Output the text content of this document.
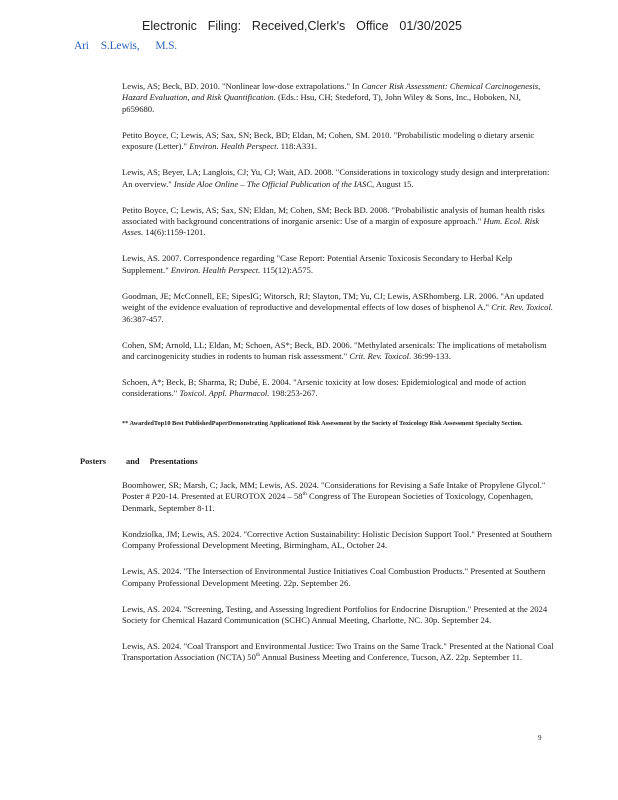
Electronic Filing: Received,Clerk's Office 01/30/2025
Ari S.Lewis, M.S.

Lewis, AS; Beck, BD. 2010. "Nonlinear low-dose extrapolations." In Cancer Risk Assessment: Chemical Carcinogenesis, Hazard Evaluation, and Risk Quantification. (Eds.: Hsu, CH; Stedeford, T), John Wiley & Sons, Inc., Hoboken, NJ, p659680.

Petito Boyce, C; Lewis, AS; Sax, SN; Beck, BD; Eldan, M; Cohen, SM. 2010. "Probabilistic modeling o dietary arsenic exposure (Letter)." Environ. Health Perspect. 118:A331.

Lewis, AS; Beyer, LA; Langlois, CJ; Yu, CJ; Wait, AD. 2008. "Considerations in toxicology study design and interpretation: An overview." Inside Aloe Online – The Official Publication of the IASC, August 15.

Petito Boyce, C; Lewis, AS; Sax, SN; Eldan, M; Cohen, SM; Beck BD. 2008. "Probabilistic analysis of human health risks associated with background concentrations of inorganic arsenic: Use of a margin of exposure approach." Hum. Ecol. Risk Asses. 14(6):1159-1201.

Lewis, AS. 2007. Correspondence regarding "Case Report: Potential Arsenic Toxicosis Secondary to Herbal Kelp Supplement." Environ. Health Perspect. 115(12):A575.

Goodman, JE; McConnell, EE; SipesIG; Witorsch, RJ; Slayton, TM; Yu, CJ; Lewis, ASRhomberg. LR. 2006. "An updated weight of the evidence evaluation of reproductive and developmental effects of low doses of bisphenol A." Crit. Rev. Toxicol. 36:387-457.

Cohen, SM; Arnold, LL; Eldan, M; Schoen, AS*; Beck, BD. 2006. "Methylated arsenicals: The implications of metabolism and carcinogenicity studies in rodents to human risk assessment." Crit. Rev. Toxicol. 36:99-133.

Schoen, A*; Beck, B; Sharma, R; Dubé, E. 2004. "Arsenic toxicity at low doses: Epidemiological and mode of action considerations." Toxicol. Appl. Pharmacol. 198:253-267.

** AwardedTop10 Best PublishedPaperDemonstrating Applicationof Risk Assessment by the Society of Toxicology Risk Assessment Specialty Section.
Posters and Presentations

Boomhower, SR; Marsh, C; Jack, MM; Lewis, AS. 2024. "Considerations for Revising a Safe Intake of Propylene Glycol." Poster # P20-14. Presented at EUROTOX 2024 – 58th Congress of The European Societies of Toxicology, Copenhagen, Denmark, September 8-11.

Kondziolka, JM; Lewis, AS. 2024. "Corrective Action Sustainability: Holistic Decision Support Tool." Presented at Southern Company Professional Development Meeting, Birmingham, AL, October 24.

Lewis, AS. 2024. "The Intersection of Environmental Justice Initiatives Coal Combustion Products." Presented at Southern Company Professional Development Meeting. 22p. September 26.

Lewis, AS. 2024. "Screening, Testing, and Assessing Ingredient Portfolios for Endocrine Disruption." Presented at the 2024 Society for Chemical Hazard Communication (SCHC) Annual Meeting, Charlotte, NC. 30p. September 24.

Lewis, AS. 2024. "Coal Transport and Environmental Justice: Two Trains on the Same Track." Presented at the National Coal Transportation Association (NCTA) 50th Annual Business Meeting and Conference, Tucson, AZ. 22p. September 11.

9
